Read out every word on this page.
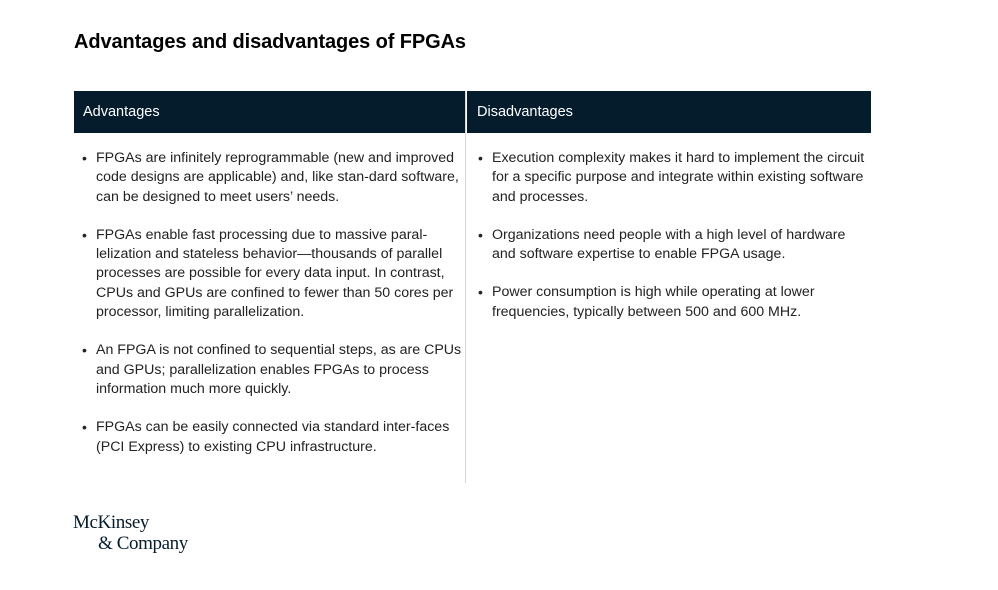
Advantages and disadvantages of FPGAs
Advantages
• FPGAs are infinitely reprogrammable (new and improved code designs are applicable) and, like stan-dard software, can be designed to meet users’ needs.
• FPGAs enable fast processing due to massive paral-lelization and stateless behavior—thousands of parallel processes are possible for every data input. In contrast, CPUs and GPUs are confined to fewer than 50 cores per processor, limiting parallelization.
• An FPGA is not confined to sequential steps, as are CPUs and GPUs; parallelization enables FPGAs to process information much more quickly.
• FPGAs can be easily connected via standard inter-faces (PCI Express) to existing CPU infrastructure.
Disadvantages
• Execution complexity makes it hard to implement the circuit for a specific purpose and integrate within existing software and processes.
• Organizations need people with a high level of hardware and software expertise to enable FPGA usage.
• Power consumption is high while operating at lower frequencies, typically between 500 and 600 MHz.
McKinsey
& Company
